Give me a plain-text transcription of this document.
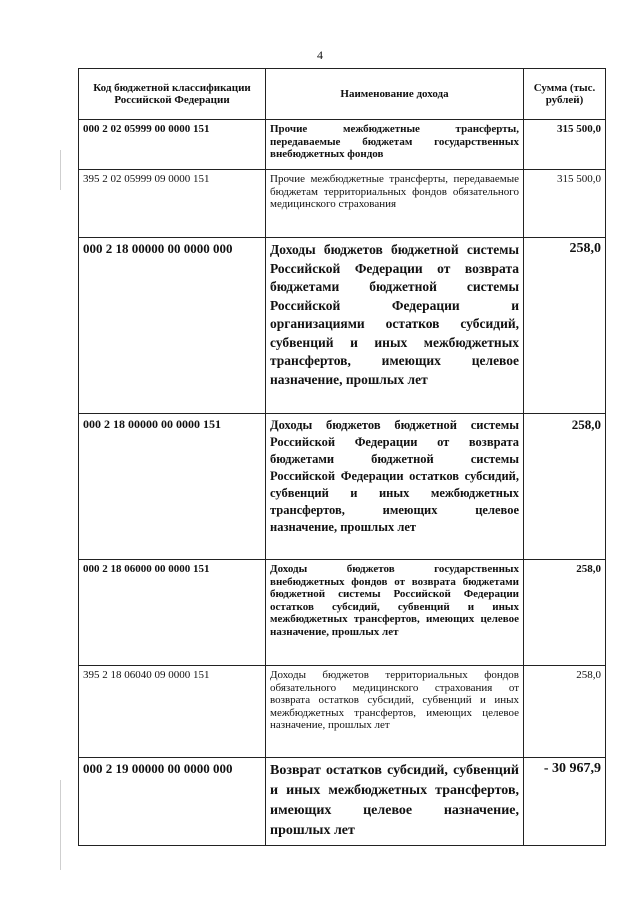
4
Код бюджетной классификации Российской Федерации	Наименование дохода	Сумма (тыс. рублей)
000 2 02 05999 00 0000 151	Прочие межбюджетные трансферты, передаваемые бюджетам государственных внебюджетных фондов	315 500,0
395 2 02 05999 09 0000 151	Прочие межбюджетные трансферты, передаваемые бюджетам территориальных фондов обязательного медицинского страхования	315 500,0
000 2 18 00000 00 0000 000	Доходы бюджетов бюджетной системы Российской Федерации от возврата бюджетами бюджетной системы Российской Федерации и организациями остатков субсидий, субвенций и иных межбюджетных трансфертов, имеющих целевое назначение, прошлых лет	258,0
000 2 18 00000 00 0000 151	Доходы бюджетов бюджетной системы Российской Федерации от возврата бюджетами бюджетной системы Российской Федерации остатков субсидий, субвенций и иных межбюджетных трансфертов, имеющих целевое назначение, прошлых лет	258,0
000 2 18 06000 00 0000 151	Доходы бюджетов государственных внебюджетных фондов от возврата бюджетами бюджетной системы Российской Федерации остатков субсидий, субвенций и иных межбюджетных трансфертов, имеющих целевое назначение, прошлых лет	258,0
395 2 18 06040 09 0000 151	Доходы бюджетов территориальных фондов обязательного медицинского страхования от возврата остатков субсидий, субвенций и иных межбюджетных трансфертов, имеющих целевое назначение, прошлых лет	258,0
000 2 19 00000 00 0000 000	Возврат остатков субсидий, субвенций и иных межбюджетных трансфертов, имеющих целевое назначение, прошлых лет	- 30 967,9
